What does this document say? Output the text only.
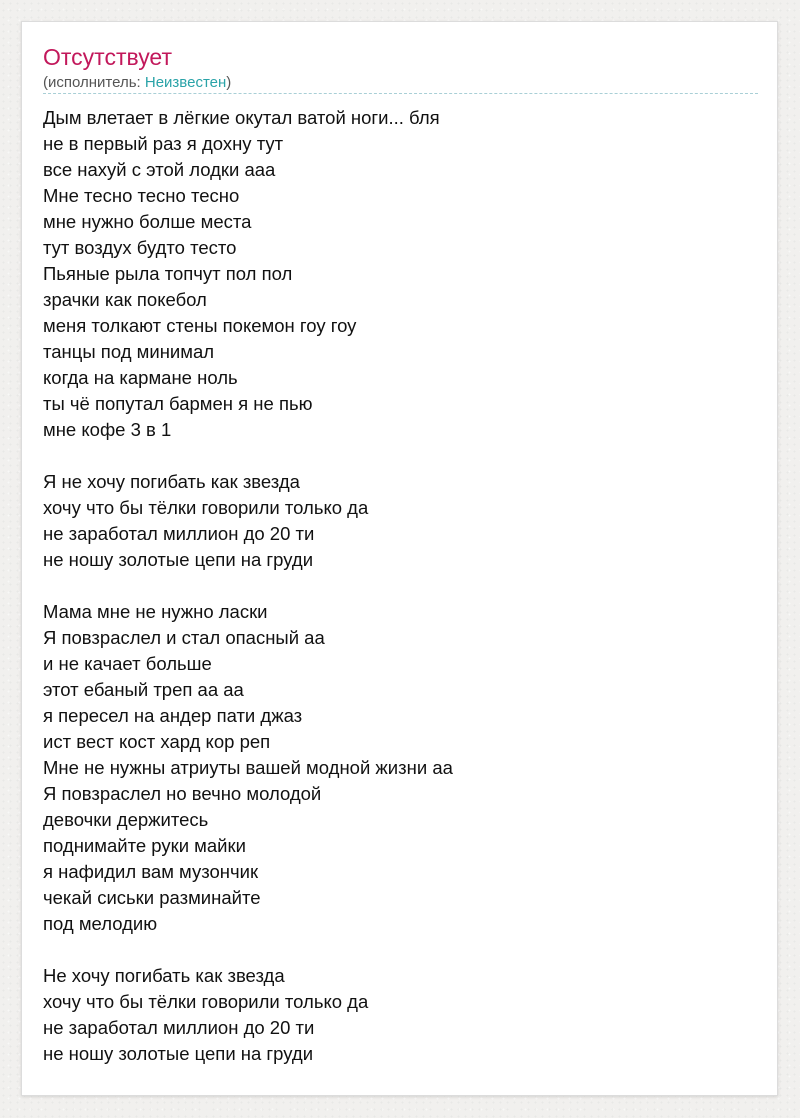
Отсутствует
(исполнитель: Неизвестен)
Дым влетает в лёгкие окутал ватой ноги... бля
не в первый раз я дохну тут
все нахуй с этой лодки ааа
Мне тесно тесно тесно
мне нужно болше места
тут воздух будто тесто
Пьяные рыла топчут пол пол
зрачки как покебол
меня толкают стены покемон гоу гоу
танцы под минимал
когда на кармане ноль
ты чё попутал бармен я не пью
мне кофе 3 в 1
Я не хочу погибать как звезда
хочу что бы тёлки говорили только да
не заработал миллион до 20 ти
не ношу золотые цепи на груди
Мама мне не нужно ласки
Я повзраслел и стал опасный аа
и не качает больше
этот ебаный треп аа аа
я пересел на андер пати джаз
ист вест кост хард кор реп
Мне не нужны атриуты вашей модной жизни аа
Я повзраслел но вечно молодой
девочки держитесь
поднимайте руки майки
я нафидил вам музончик
чекай сиськи разминайте
под мелодию
Не хочу погибать как звезда
хочу что бы тёлки говорили только да
не заработал миллион до 20 ти
не ношу золотые цепи на груди
